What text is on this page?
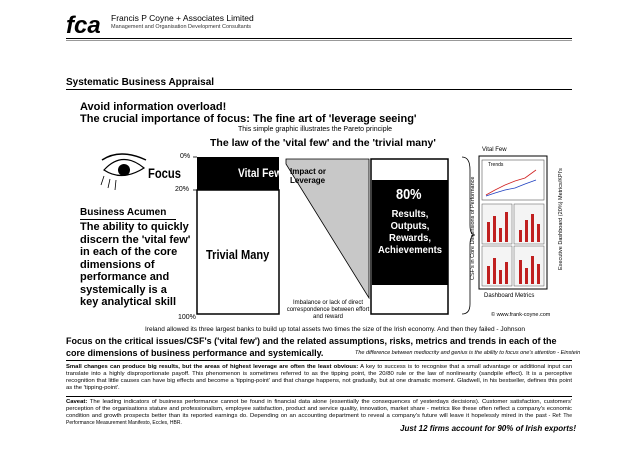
fca Francis P Coyne + Associates Limited
Management and Organisation Development Consultants
Systematic Business Appraisal
Avoid information overload!
The crucial importance of focus: The fine art of 'leverage seeing'
This simple graphic illustrates the Pareto principle
The law of the 'vital few' and the 'trivial many'
0%
20%
100%
Focus	Vital Few
Trivial Many
Impact or
Leverage
Imbalance or lack of direct correspondence between effort and reward
80%
Results,
Outputs,
Rewards,
Achievements	CSF's in Core Dimensions of Performance
Vital Few
Trends
Executive Dashboard (20%) Metrics/KPI's
Dashboard Metrics
© www.frank-coyne.com
Business Acumen
The ability to quickly
discern the 'vital few'
in each of the core
dimensions of
performance and
systemically is a
key analytical skill
Ireland allowed its three largest banks to build up total assets two times the size of the Irish economy. And then they failed - Johnson
Focus on the critical issues/CSF's ('vital few') and the related assumptions, risks, metrics and trends in each of the
core dimensions of business performance and systemically.	The difference between mediocrity and genius is the ability to focus one's attention - Einstein
Small changes can produce big results, but the areas of highest leverage are often the least obvious: A key to success is to recognise that a small advantage or additional input can translate into a highly disproportionate payoff. This phenomenon is sometimes referred to as the tipping point, the 20/80 rule or the law of nonlinearity (sandpile effect). It is a perceptive recognition that little causes can have big effects and become a 'tipping-point' and that change happens, not gradually, but at one dramatic moment. Gladwell, in his bestseller, defines this point as the 'tipping-point'.
Caveat: The leading indicators of business performance cannot be found in financial data alone (essentially the consequences of yesterdays decisions). Customer satisfaction, customers' perception of the organisations stature and professionalism, employee satisfaction, product and service quality, innovation, market share - metrics like these often reflect a company's economic condition and growth prospects better than its reported earnings do. Depending on an accounting department to reveal a company's future will leave it hopelessly mired in the past - Ref: The Performance Measurement Manifesto, Eccles, HBR.
Just 12 firms account for 90% of Irish exports!
